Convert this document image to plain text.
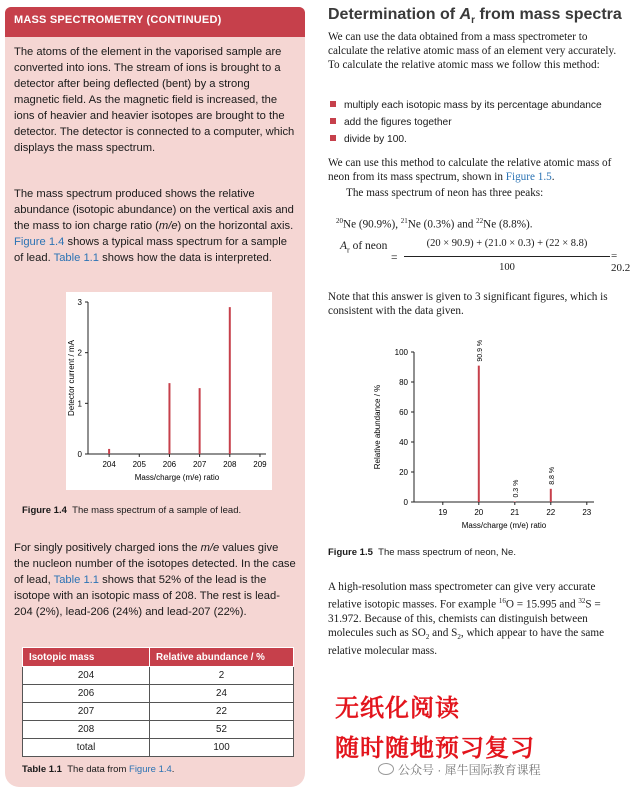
MASS SPECTROMETRY (CONTINUED)

The atoms of the element in the vaporised sample are converted into ions. The stream of ions is brought to a detector after being deflected (bent) by a strong magnetic field. As the magnetic field is increased, the ions of heavier and heavier isotopes are brought to the detector. The detector is connected to a computer, which displays the mass spectrum.

The mass spectrum produced shows the relative abundance (isotopic abundance) on the vertical axis and the mass to ion charge ratio (m/e) on the horizontal axis. Figure 1.4 shows a typical mass spectrum for a sample of lead. Table 1.1 shows how the data is interpreted.

204 205 206 207 208 209
0
1
2
3
Mass/charge (m/e) ratio
Detector current / mA
Figure 1.4 The mass spectrum of a sample of lead.

For singly positively charged ions the m/e values give the nucleon number of the isotopes detected. In the case of lead, Table 1.1 shows that 52% of the lead is the isotope with an isotopic mass of 208. The rest is lead-204 (2%), lead-206 (24%) and lead-207 (22%).

Isotopic mass	Relative abundance / %
204	2
206	24
207	22
208	52
total	100
Table 1.1 The data from Figure 1.4.
Determination of $A_r$ from mass spectra

We can use the data obtained from a mass spectrometer to calculate the relative atomic mass of an element very accurately. To calculate the relative atomic mass we follow this method:

multiply each isotopic mass by its percentage abundance
add the figures together
divide by 100.

We can use this method to calculate the relative atomic mass of neon from its mass spectrum, shown in Figure 1.5.

The mass spectrum of neon has three peaks:

$^{20}$Ne (90.9%), $^{21}$Ne (0.3%) and $^{22}$Ne (8.8%).
$A_r$ of neon
=
(20 × 90.9) + (21.0 × 0.3) + (22 × 8.8)
100
= 20.2

Note that this answer is given to 3 significant figures, which is consistent with the data given.

19	20	21	22	23
0
20
40
60
80
100	90.9 %
0.3 %
8.8 %
Mass/charge (m/e) ratio
Relative abundance / %
Figure 1.5 The mass spectrum of neon, Ne.

A high-resolution mass spectrometer can give very accurate relative isotopic masses. For example $^{16}$O = 15.995 and $^{32}$S = 31.972. Because of this, chemists can distinguish between molecules such as $SO_2$ and $S_2$, which appear to have the same relative molecular mass.

无纸化阅读
随时随地预习复习
公众号 · 犀牛国际教育课程
